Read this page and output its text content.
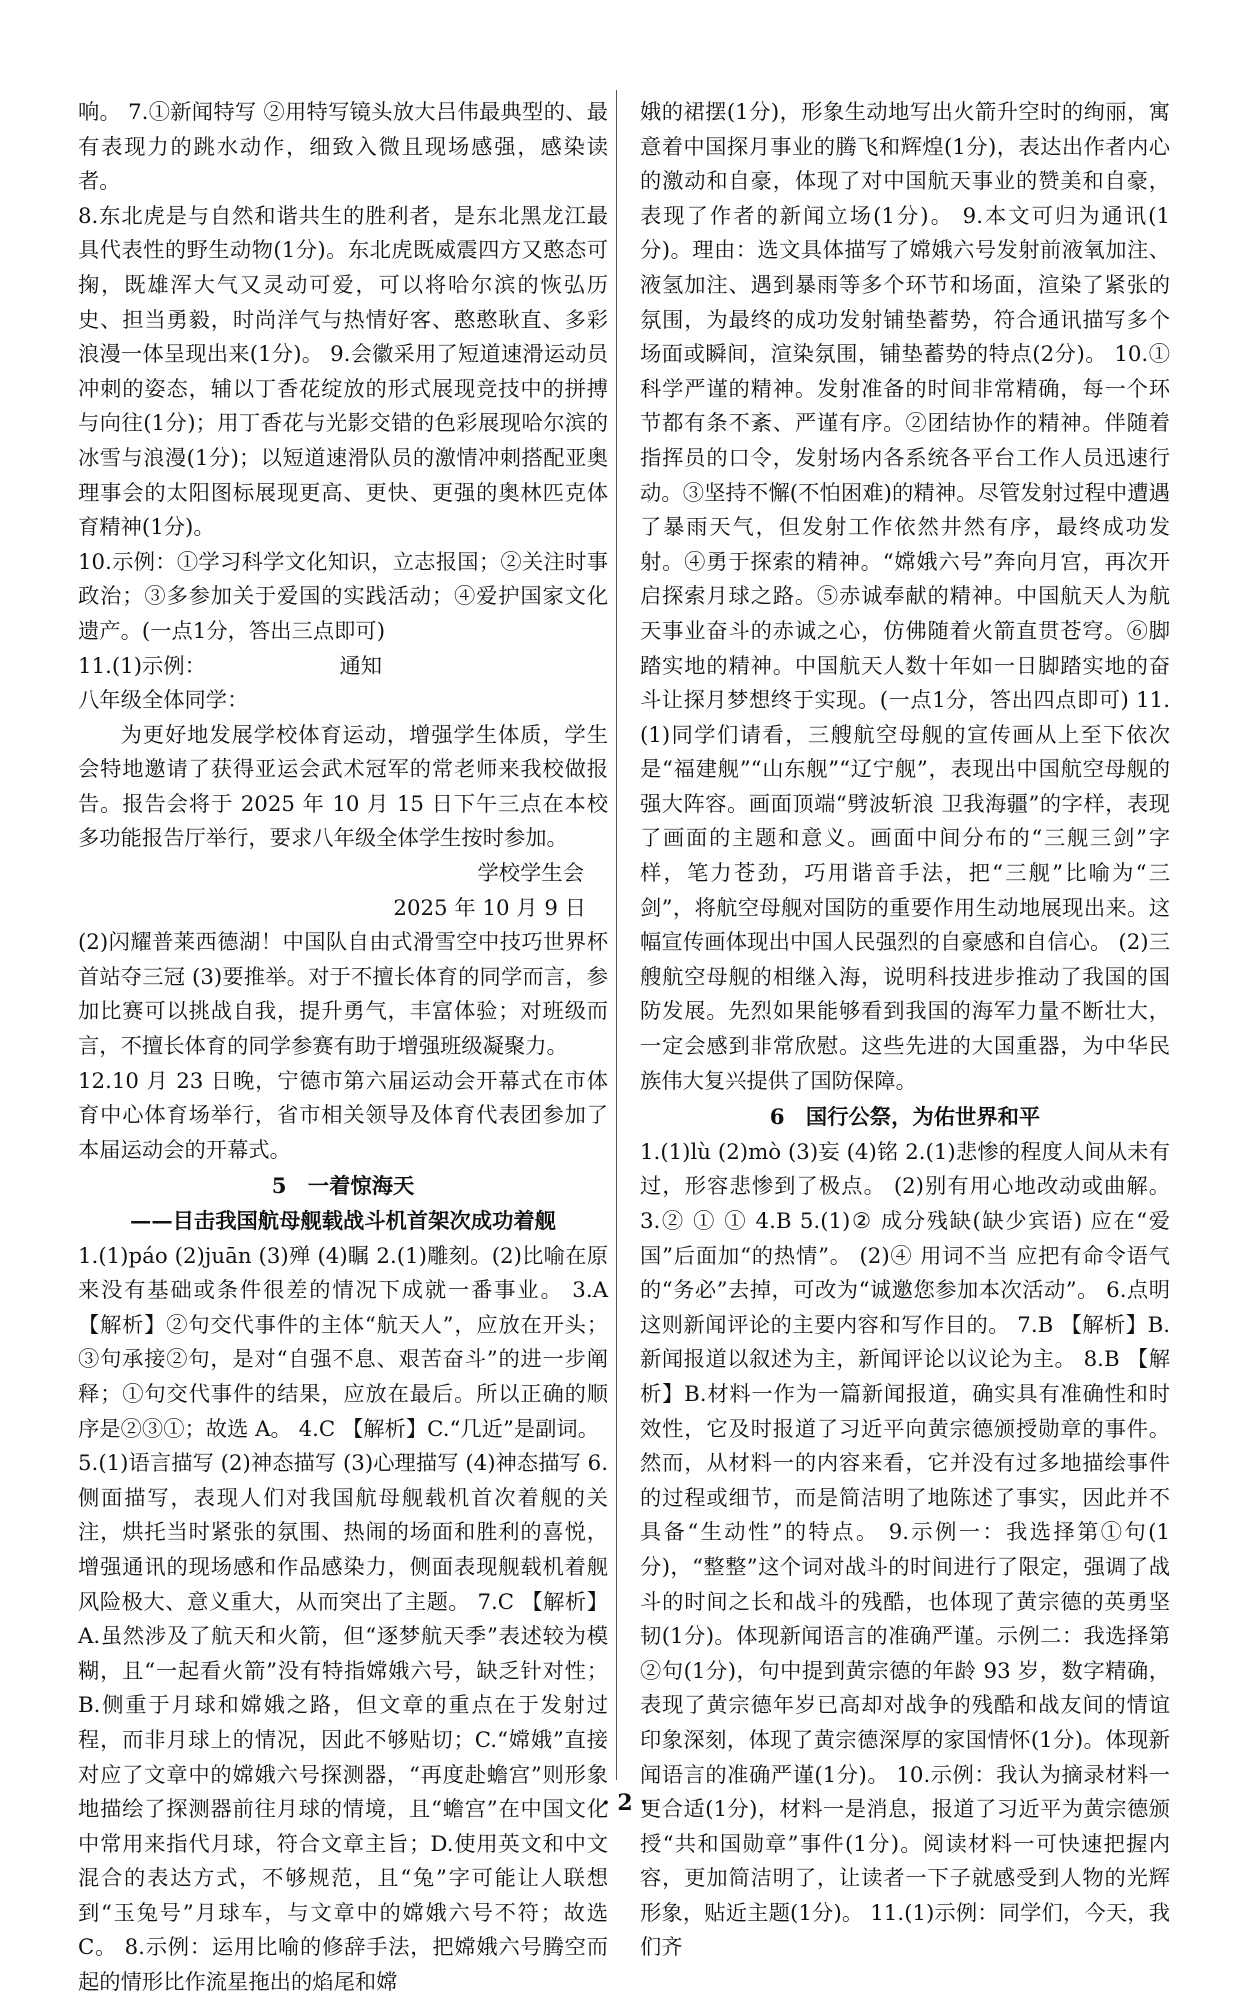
响。 7.①新闻特写 ②用特写镜头放大吕伟最典型的、最有表现力的跳水动作，细致入微且现场感强，感染读者。

8.东北虎是与自然和谐共生的胜利者，是东北黑龙江最具代表性的野生动物(1分)。东北虎既威震四方又憨态可掬，既雄浑大气又灵动可爱，可以将哈尔滨的恢弘历史、担当勇毅，时尚洋气与热情好客、憨憨耿直、多彩浪漫一体呈现出来(1分)。 9.会徽采用了短道速滑运动员冲刺的姿态，辅以丁香花绽放的形式展现竞技中的拼搏与向往(1分)；用丁香花与光影交错的色彩展现哈尔滨的冰雪与浪漫(1分)；以短道速滑队员的激情冲刺搭配亚奥理事会的太阳图标展现更高、更快、更强的奥林匹克体育精神(1分)。

10.示例：①学习科学文化知识，立志报国；②关注时事政治；③多参加关于爱国的实践活动；④爱护国家文化遗产。(一点1分，答出三点即可)

11.(1)示例：	通知

八年级全体同学：

为更好地发展学校体育运动，增强学生体质，学生会特地邀请了获得亚运会武术冠军的常老师来我校做报告。报告会将于 2025 年 10 月 15 日下午三点在本校多功能报告厅举行，要求八年级全体学生按时参加。

学校学生会

2025 年 10 月 9 日

(2)闪耀普莱西德湖！中国队自由式滑雪空中技巧世界杯首站夺三冠 (3)要推举。对于不擅长体育的同学而言，参加比赛可以挑战自我，提升勇气，丰富体验；对班级而言，不擅长体育的同学参赛有助于增强班级凝聚力。

12.10 月 23 日晚，宁德市第六届运动会开幕式在市体育中心体育场举行，省市相关领导及体育代表团参加了本届运动会的开幕式。

5　一着惊海天

——目击我国航母舰载战斗机首架次成功着舰

1.(1)páo (2)juān (3)殚 (4)瞩 2.(1)雕刻。(2)比喻在原来没有基础或条件很差的情况下成就一番事业。 3.A 【解析】②句交代事件的主体“航天人”，应放在开头；③句承接②句，是对“自强不息、艰苦奋斗”的进一步阐释；①句交代事件的结果，应放在最后。所以正确的顺序是②③①；故选 A。 4.C 【解析】C.“几近”是副词。

5.(1)语言描写 (2)神态描写 (3)心理描写 (4)神态描写 6.侧面描写，表现人们对我国航母舰载机首次着舰的关注，烘托当时紧张的氛围、热闹的场面和胜利的喜悦，增强通讯的现场感和作品感染力，侧面表现舰载机着舰风险极大、意义重大，从而突出了主题。 7.C 【解析】A.虽然涉及了航天和火箭，但“逐梦航天季”表述较为模糊，且“一起看火箭”没有特指嫦娥六号，缺乏针对性；B.侧重于月球和嫦娥之路，但文章的重点在于发射过程，而非月球上的情况，因此不够贴切；C.“嫦娥”直接对应了文章中的嫦娥六号探测器，“再度赴蟾宫”则形象地描绘了探测器前往月球的情境，且“蟾宫”在中国文化中常用来指代月球，符合文章主旨；D.使用英文和中文混合的表达方式，不够规范，且“兔”字可能让人联想到“玉兔号”月球车，与文章中的嫦娥六号不符；故选 C。 8.示例：运用比喻的修辞手法，把嫦娥六号腾空而起的情形比作流星拖出的焰尾和嫦

娥的裙摆(1分)，形象生动地写出火箭升空时的绚丽，寓意着中国探月事业的腾飞和辉煌(1分)，表达出作者内心的激动和自豪，体现了对中国航天事业的赞美和自豪，表现了作者的新闻立场(1分)。 9.本文可归为通讯(1分)。理由：选文具体描写了嫦娥六号发射前液氧加注、液氢加注、遇到暴雨等多个环节和场面，渲染了紧张的氛围，为最终的成功发射铺垫蓄势，符合通讯描写多个场面或瞬间，渲染氛围，铺垫蓄势的特点(2分)。 10.①科学严谨的精神。发射准备的时间非常精确，每一个环节都有条不紊、严谨有序。②团结协作的精神。伴随着指挥员的口令，发射场内各系统各平台工作人员迅速行动。③坚持不懈(不怕困难)的精神。尽管发射过程中遭遇了暴雨天气，但发射工作依然井然有序，最终成功发射。④勇于探索的精神。“嫦娥六号”奔向月宫，再次开启探索月球之路。⑤赤诚奉献的精神。中国航天人为航天事业奋斗的赤诚之心，仿佛随着火箭直贯苍穹。⑥脚踏实地的精神。中国航天人数十年如一日脚踏实地的奋斗让探月梦想终于实现。(一点1分，答出四点即可) 11.(1)同学们请看，三艘航空母舰的宣传画从上至下依次是“福建舰”“山东舰”“辽宁舰”，表现出中国航空母舰的强大阵容。画面顶端“劈波斩浪 卫我海疆”的字样，表现了画面的主题和意义。画面中间分布的“三舰三剑”字样，笔力苍劲，巧用谐音手法，把“三舰”比喻为“三剑”，将航空母舰对国防的重要作用生动地展现出来。这幅宣传画体现出中国人民强烈的自豪感和自信心。 (2)三艘航空母舰的相继入海，说明科技进步推动了我国的国防发展。先烈如果能够看到我国的海军力量不断壮大，一定会感到非常欣慰。这些先进的大国重器，为中华民族伟大复兴提供了国防保障。

6　国行公祭，为佑世界和平

1.(1)lù (2)mò (3)妄 (4)铭 2.(1)悲惨的程度人间从未有过，形容悲惨到了极点。 (2)别有用心地改动或曲解。 3.② ① ① 4.B 5.(1)② 成分残缺(缺少宾语) 应在“爱国”后面加“的热情”。 (2)④ 用词不当 应把有命令语气的“务必”去掉，可改为“诚邀您参加本次活动”。 6.点明这则新闻评论的主要内容和写作目的。 7.B 【解析】B.新闻报道以叙述为主，新闻评论以议论为主。 8.B 【解析】B.材料一作为一篇新闻报道，确实具有准确性和时效性，它及时报道了习近平向黄宗德颁授勋章的事件。然而，从材料一的内容来看，它并没有过多地描绘事件的过程或细节，而是简洁明了地陈述了事实，因此并不具备“生动性”的特点。 9.示例一：我选择第①句(1分)，“整整”这个词对战斗的时间进行了限定，强调了战斗的时间之长和战斗的残酷，也体现了黄宗德的英勇坚韧(1分)。体现新闻语言的准确严谨。示例二：我选择第②句(1分)，句中提到黄宗德的年龄 93 岁，数字精确，表现了黄宗德年岁已高却对战争的残酷和战友间的情谊印象深刻，体现了黄宗德深厚的家国情怀(1分)。体现新闻语言的准确严谨(1分)。 10.示例：我认为摘录材料一更合适(1分)，材料一是消息，报道了习近平为黄宗德颁授“共和国勋章”事件(1分)。阅读材料一可快速把握内容，更加简洁明了，让读者一下子就感受到人物的光辉形象，贴近主题(1分)。 11.(1)示例：同学们，今天，我们齐

· 2 ·
